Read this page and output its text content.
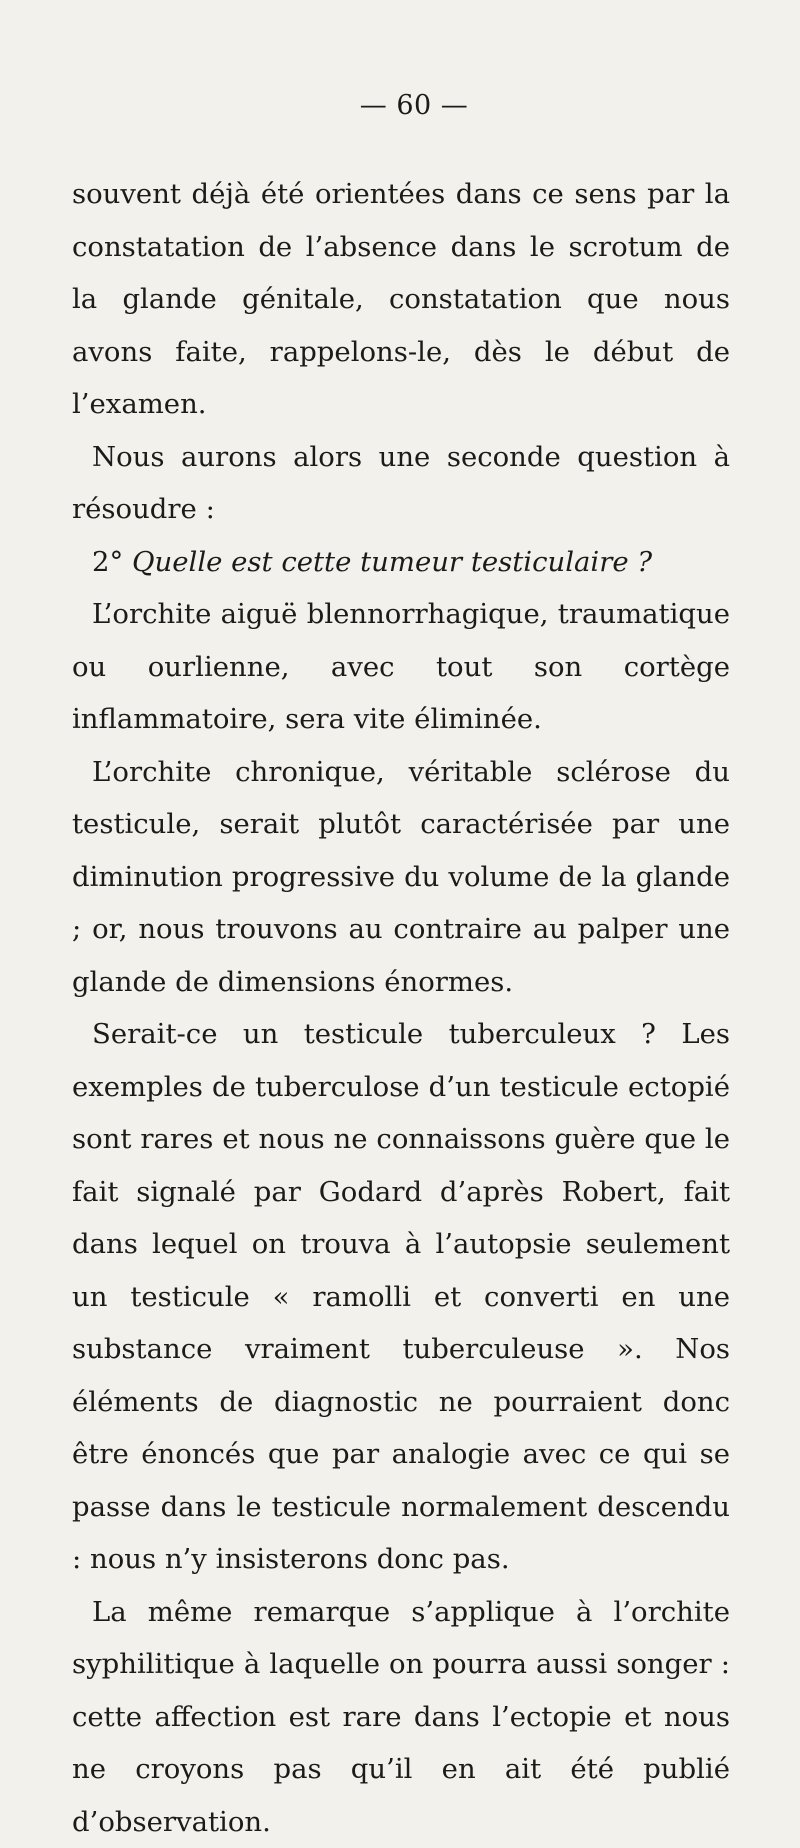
— 60 —

souvent déjà été orientées dans ce sens par la constatation de l’absence dans le scrotum de la glande génitale, constatation que nous avons faite, rappelons-le, dès le début de l’examen.

Nous aurons alors une seconde question à résoudre :

2° Quelle est cette tumeur testiculaire ?

L’orchite aiguë blennorrhagique, traumatique ou ourlienne, avec tout son cortège inflammatoire, sera vite éliminée.

L’orchite chronique, véritable sclérose du testicule, serait plutôt caractérisée par une diminution progressive du volume de la glande ; or, nous trouvons au contraire au palper une glande de dimensions énormes.

Serait-ce un testicule tuberculeux ? Les exemples de tuberculose d’un testicule ectopié sont rares et nous ne connaissons guère que le fait signalé par Godard d’après Robert, fait dans lequel on trouva à l’autopsie seulement un testicule « ramolli et converti en une substance vraiment tuberculeuse ». Nos éléments de diagnostic ne pourraient donc être énoncés que par analogie avec ce qui se passe dans le testicule normalement descendu : nous n’y insisterons donc pas.

La même remarque s’applique à l’orchite syphilitique à laquelle on pourra aussi songer : cette affection est rare dans l’ectopie et nous ne croyons pas qu’il en ait été publié d’observation.
